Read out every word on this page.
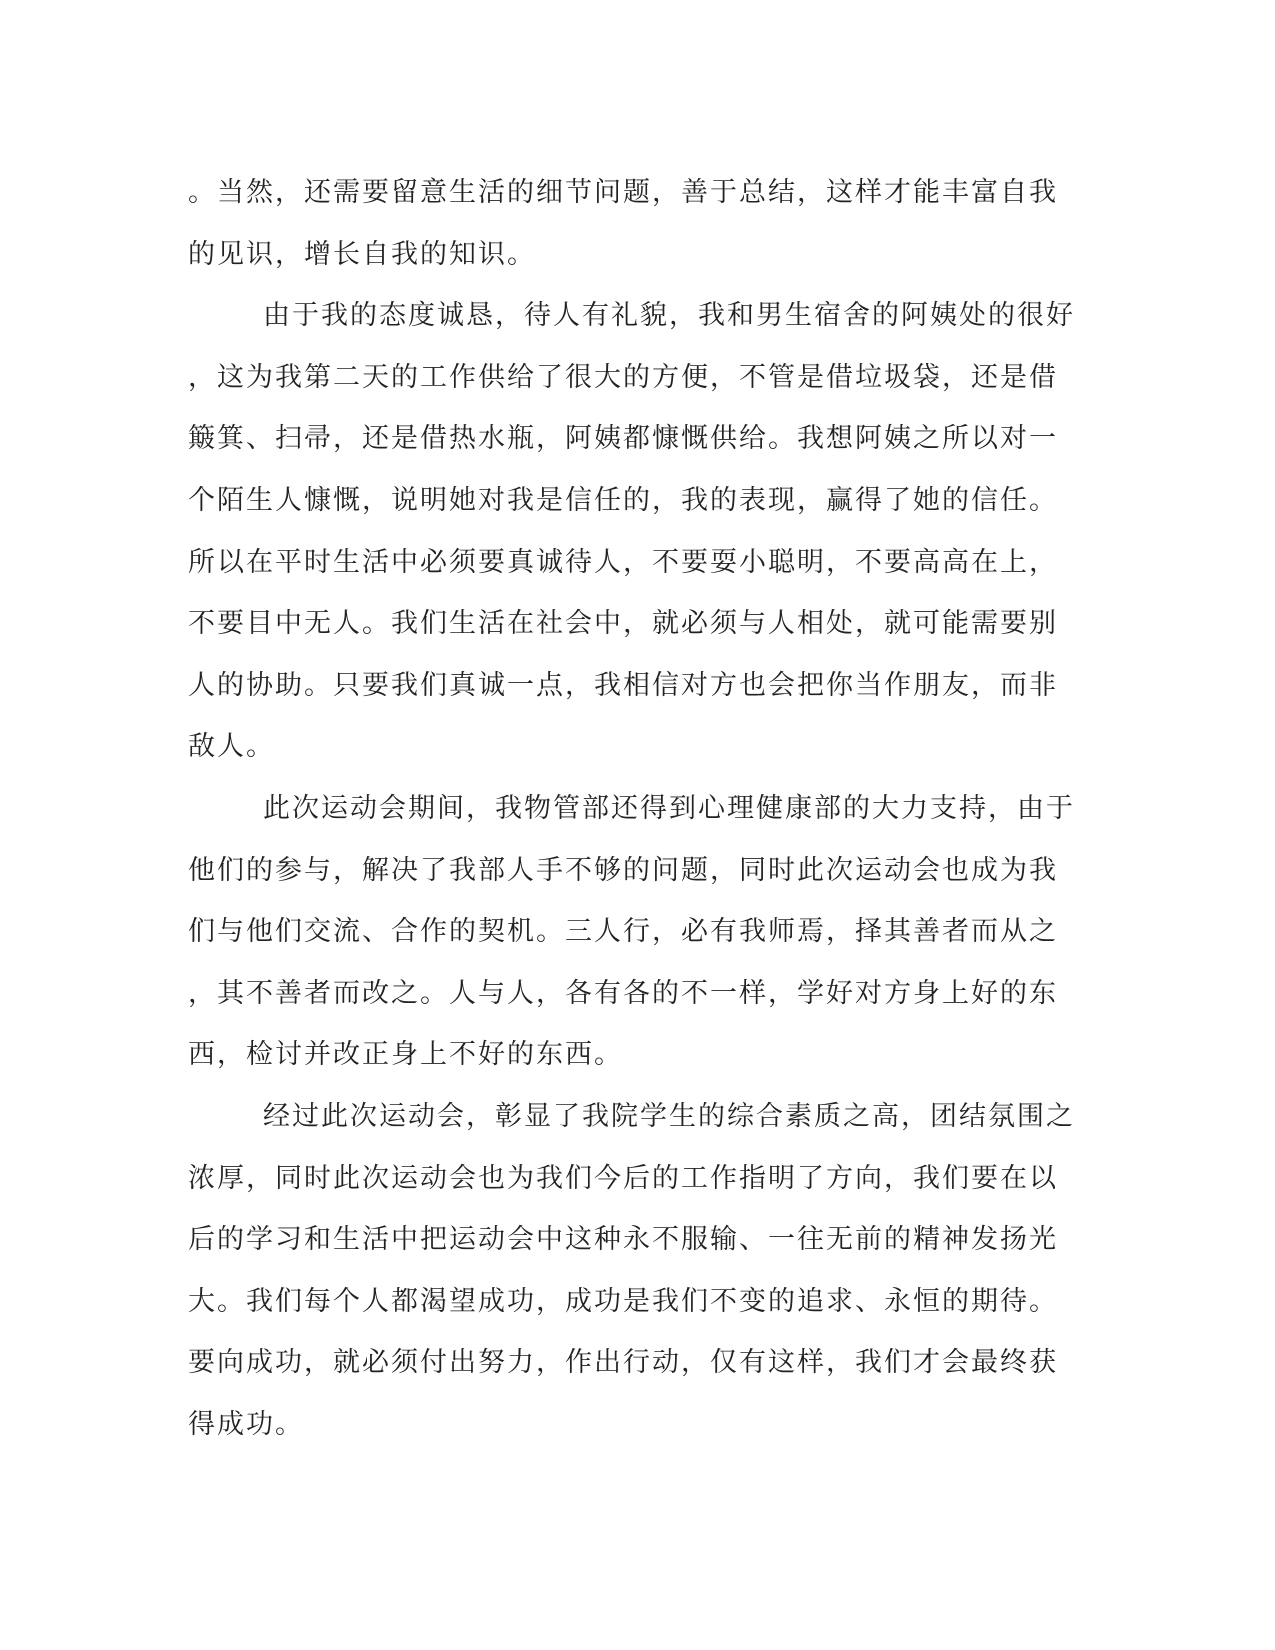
。当然，还需要留意生活的细节问题，善于总结，这样才能丰富自我

的见识，增长自我的知识。

由于我的态度诚恳，待人有礼貌，我和男生宿舍的阿姨处的很好

，这为我第二天的工作供给了很大的方便，不管是借垃圾袋，还是借

簸箕、扫帚，还是借热水瓶，阿姨都慷慨供给。我想阿姨之所以对一

个陌生人慷慨，说明她对我是信任的，我的表现，赢得了她的信任。

所以在平时生活中必须要真诚待人，不要耍小聪明，不要高高在上，

不要目中无人。我们生活在社会中，就必须与人相处，就可能需要别

人的协助。只要我们真诚一点，我相信对方也会把你当作朋友，而非

敌人。

此次运动会期间，我物管部还得到心理健康部的大力支持，由于

他们的参与，解决了我部人手不够的问题，同时此次运动会也成为我

们与他们交流、合作的契机。三人行，必有我师焉，择其善者而从之

，其不善者而改之。人与人，各有各的不一样，学好对方身上好的东

西，检讨并改正身上不好的东西。

经过此次运动会，彰显了我院学生的综合素质之高，团结氛围之

浓厚，同时此次运动会也为我们今后的工作指明了方向，我们要在以

后的学习和生活中把运动会中这种永不服输、一往无前的精神发扬光

大。我们每个人都渴望成功，成功是我们不变的追求、永恒的期待。

要向成功，就必须付出努力，作出行动，仅有这样，我们才会最终获

得成功。
